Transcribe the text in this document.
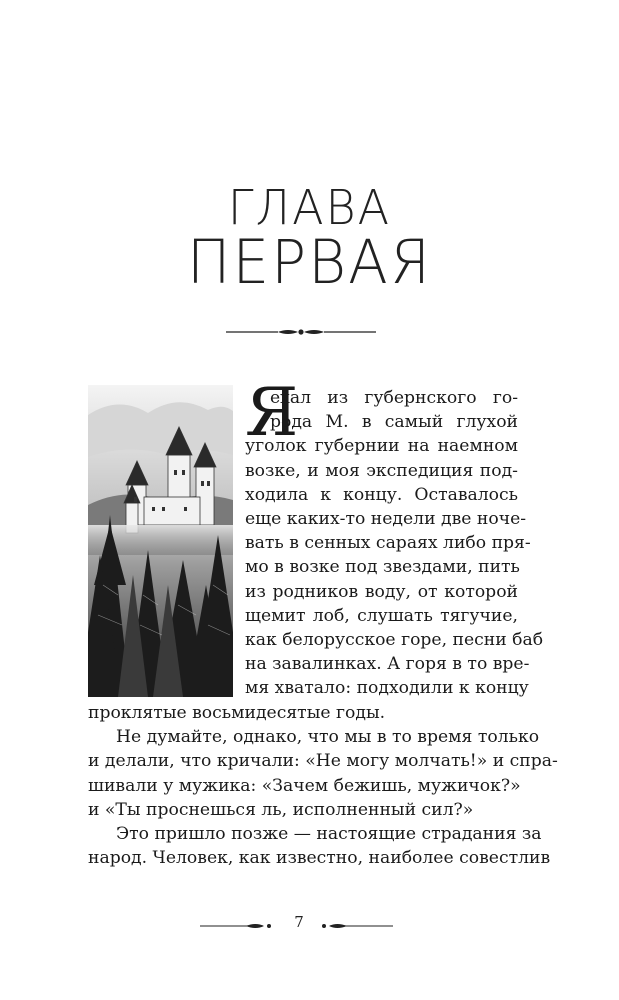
ГЛАВА
ПЕРВАЯ
Я
ехал из губернского го-
рода М. в самый глухой
уголок губернии на наемном
возке, и моя экспедиция под-
ходила к концу. Оставалось
еще каких-то недели две ноче-
вать в сенных сараях либо пря-
мо в возке под звездами, пить
из родников воду, от которой
щемит лоб, слушать тягучие,
как белорусское горе, песни баб
на завалинках. А горя в то вре-
мя хватало: подходили к концу
проклятые восьмидесятые годы.
Не думайте, однако, что мы в то время только
и делали, что кричали: «Не могу молчать!» и спра-
шивали у мужика: «Зачем бежишь, мужичок?»
и «Ты проснешься ль, исполненный сил?»
Это пришло позже — настоящие страдания за
народ. Человек, как известно, наиболее совестлив
7
